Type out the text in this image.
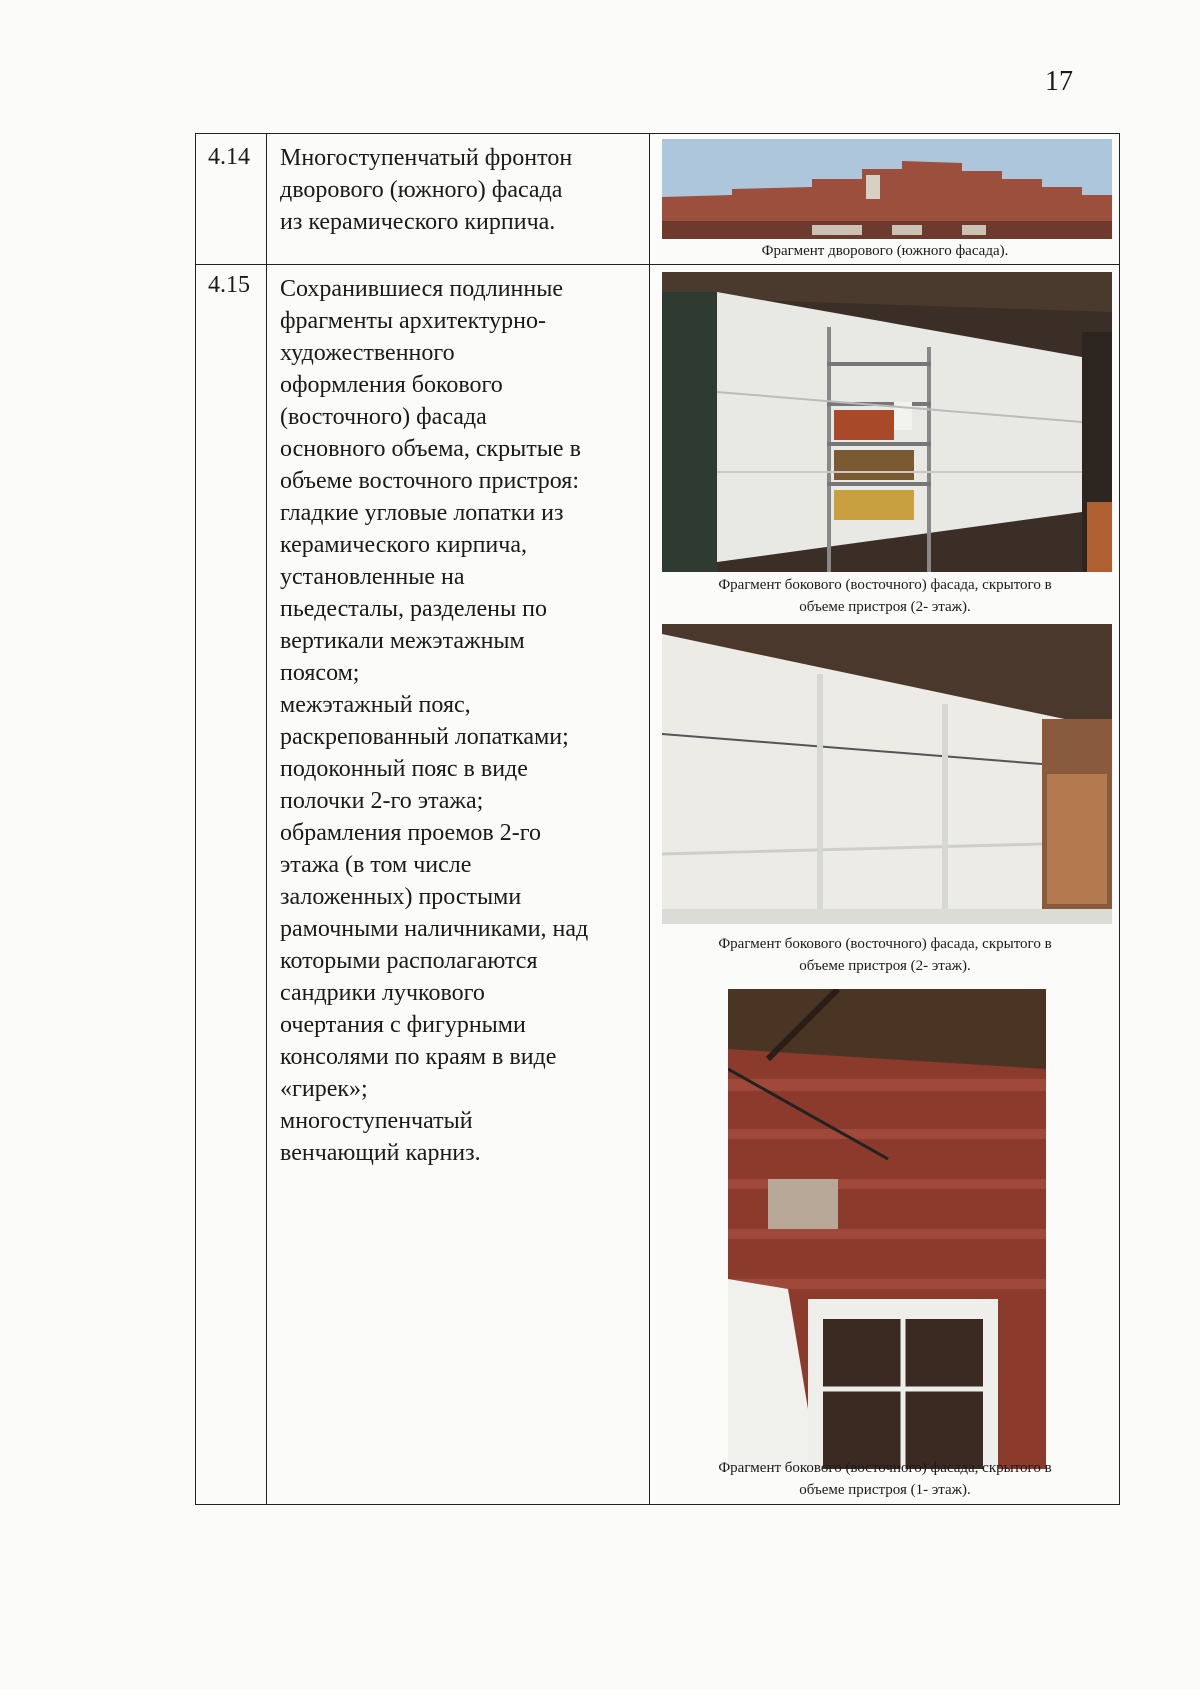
17
4.14 Многоступенчатый фронтон
дворового (южного) фасада
из керамического кирпича.
Фрагмент дворового (южного фасада).
4.15 Сохранившиеся подлинные
фрагменты архитектурно-
художественного
оформления бокового
(восточного) фасада
основного объема, скрытые в
объеме восточного пристроя:
гладкие угловые лопатки из
керамического кирпича,
установленные на
пьедесталы, разделены по
вертикали межэтажным
поясом;
межэтажный пояс,
раскрепованный лопатками;
подоконный пояс в виде
полочки 2-го этажа;
обрамления проемов 2-го
этажа (в том числе
заложенных) простыми
рамочными наличниками, над
которыми располагаются
сандрики лучкового
очертания с фигурными
консолями по краям в виде
«гирек»;
многоступенчатый
венчающий карниз.
Фрагмент бокового (восточного) фасада, скрытого в
объеме пристроя (2- этаж).
Фрагмент бокового (восточного) фасада, скрытого в
объеме пристроя (2- этаж).
Фрагмент бокового (восточного) фасада, скрытого в
объеме пристроя (1- этаж).
